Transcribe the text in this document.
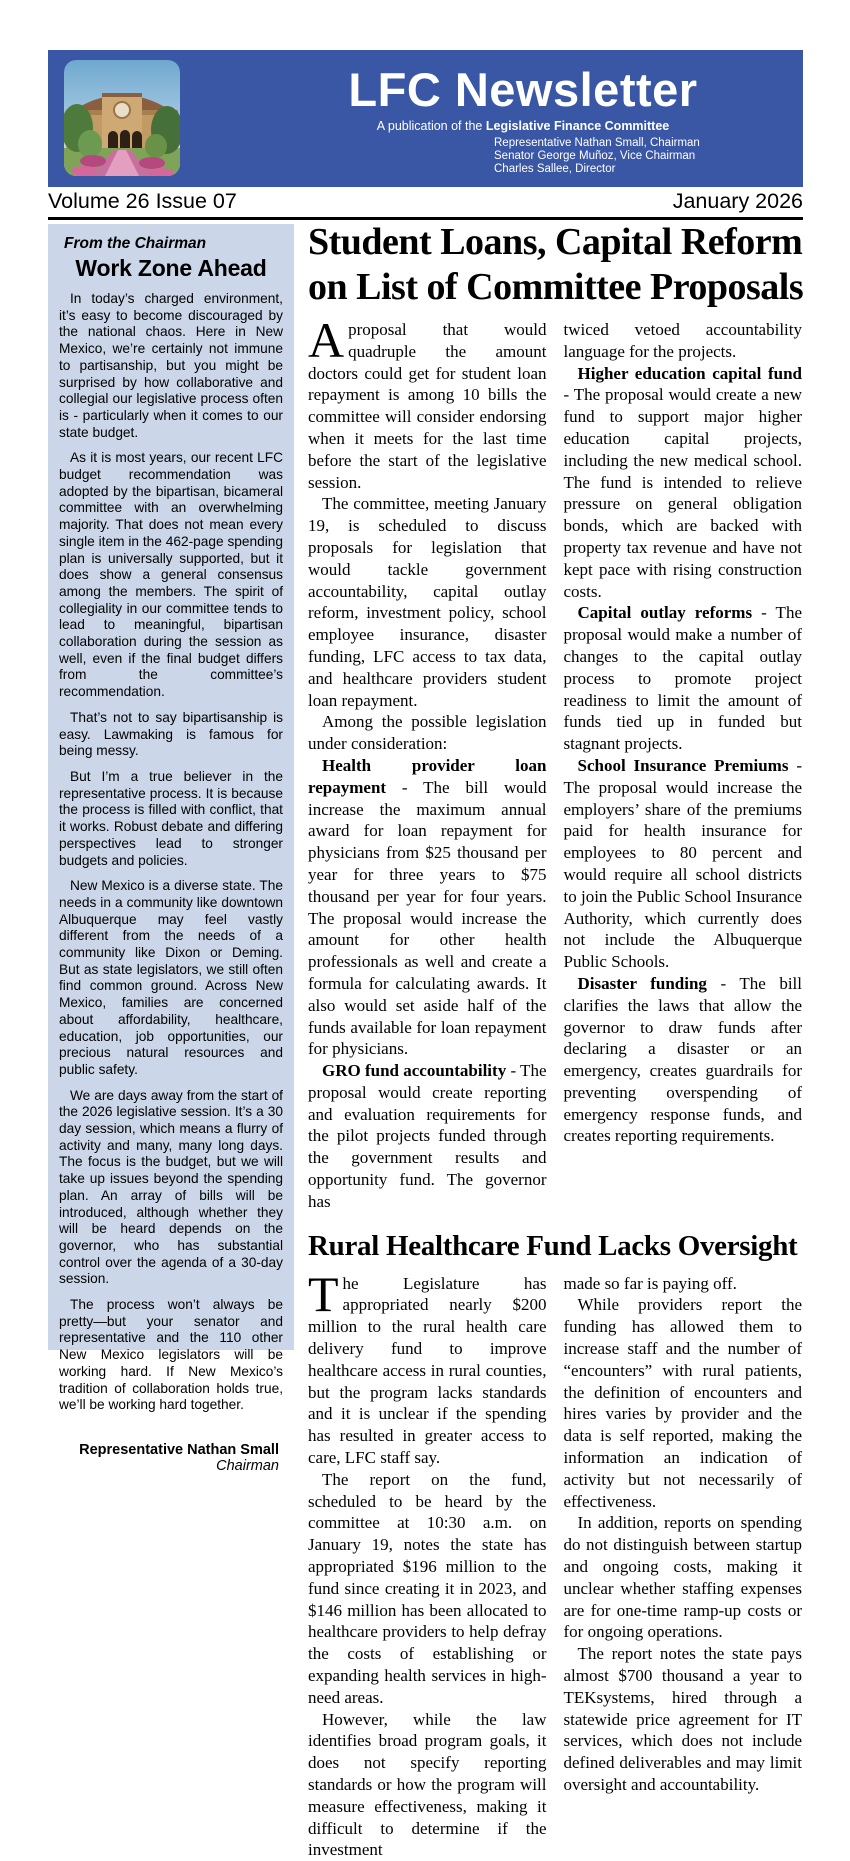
LFC Newsletter
A publication of the Legislative Finance Committee
Representative Nathan Small, Chairman
Senator George Muñoz, Vice Chairman
Charles Sallee, Director
Volume 26 Issue 07	January 2026
From the Chairman
Work Zone Ahead

In today’s charged environment, it’s easy to become discouraged by the national chaos. Here in New Mexico, we’re certainly not immune to partisanship, but you might be surprised by how collaborative and collegial our legislative process often is - particularly when it comes to our state budget.

As it is most years, our recent LFC budget recommendation was adopted by the bipartisan, bicameral committee with an overwhelming majority. That does not mean every single item in the 462-page spending plan is universally supported, but it does show a general consensus among the members. The spirit of collegiality in our committee tends to lead to meaningful, bipartisan collaboration during the session as well, even if the final budget differs from the committee’s recommendation.

That’s not to say bipartisanship is easy. Lawmaking is famous for being messy.

But I’m a true believer in the representative process. It is because the process is filled with conflict, that it works. Robust debate and differing perspectives lead to stronger budgets and policies.

New Mexico is a diverse state. The needs in a community like downtown Albuquerque may feel vastly different from the needs of a community like Dixon or Deming. But as state legislators, we still often find common ground. Across New Mexico, families are concerned about affordability, healthcare, education, job opportunities, our precious natural resources and public safety.

We are days away from the start of the 2026 legislative session. It’s a 30 day session, which means a flurry of activity and many, many long days. The focus is the budget, but we will take up issues beyond the spending plan. An array of bills will be introduced, although whether they will be heard depends on the governor, who has substantial control over the agenda of a 30-day session.

The process won’t always be pretty—but your senator and representative and the 110 other New Mexico legislators will be working hard. If New Mexico’s tradition of collaboration holds true, we’ll be working hard together.

Representative Nathan Small
Chairman
Student Loans, Capital Reform
on List of Committee Proposals

Aproposal that would quadruple the amount doctors could get for student loan repayment is among 10 bills the committee will consider endorsing when it meets for the last time before the start of the legislative session.

The committee, meeting January 19, is scheduled to discuss proposals for legislation that would tackle government accountability, capital outlay reform, investment policy, school employee insurance, disaster funding, LFC access to tax data, and healthcare providers student loan repayment.

Among the possible legislation under consideration:

Health provider loan repayment - The bill would increase the maximum annual award for loan repayment for physicians from $25 thousand per year for three years to $75 thousand per year for four years. The proposal would increase the amount for other health professionals as well and create a formula for calculating awards. It also would set aside half of the funds available for loan repayment for physicians.

GRO fund accountability - The proposal would create reporting and evaluation requirements for the pilot projects funded through the government results and opportunity fund. The governor has

twiced vetoed accountability language for the projects.

Higher education capital fund - The proposal would create a new fund to support major higher education capital projects, including the new medical school. The fund is intended to relieve pressure on general obligation bonds, which are backed with property tax revenue and have not kept pace with rising construction costs.

Capital outlay reforms - The proposal would make a number of changes to the capital outlay process to promote project readiness to limit the amount of funds tied up in funded but stagnant projects.

School Insurance Premiums - The proposal would increase the employers’ share of the premiums paid for health insurance for employees to 80 percent and would require all school districts to join the Public School Insurance Authority, which currently does not include the Albuquerque Public Schools.

Disaster funding - The bill clarifies the laws that allow the governor to draw funds after declaring a disaster or an emergency, creates guardrails for preventing overspending of emergency response funds, and creates reporting requirements.

Rural Healthcare Fund Lacks Oversight

The Legislature has appropriated nearly $200 million to the rural health care delivery fund to improve healthcare access in rural counties, but the program lacks standards and it is unclear if the spending has resulted in greater access to care, LFC staff say.

The report on the fund, scheduled to be heard by the committee at 10:30 a.m. on January 19, notes the state has appropriated $196 million to the fund since creating it in 2023, and $146 million has been allocated to healthcare providers to help defray the costs of establishing or expanding health services in high-need areas.

However, while the law identifies broad program goals, it does not specify reporting standards or how the program will measure effectiveness, making it difficult to determine if the investment

made so far is paying off.

While providers report the funding has allowed them to increase staff and the number of “encounters” with rural patients, the definition of encounters and hires varies by provider and the data is self reported, making the information an indication of activity but not necessarily of effectiveness.

In addition, reports on spending do not distinguish between startup and ongoing costs, making it unclear whether staffing expenses are for one-time ramp-up costs or for ongoing operations.

The report notes the state pays almost $700 thousand a year to TEKsystems, hired through a statewide price agreement for IT services, which does not include defined deliverables and may limit oversight and accountability.
